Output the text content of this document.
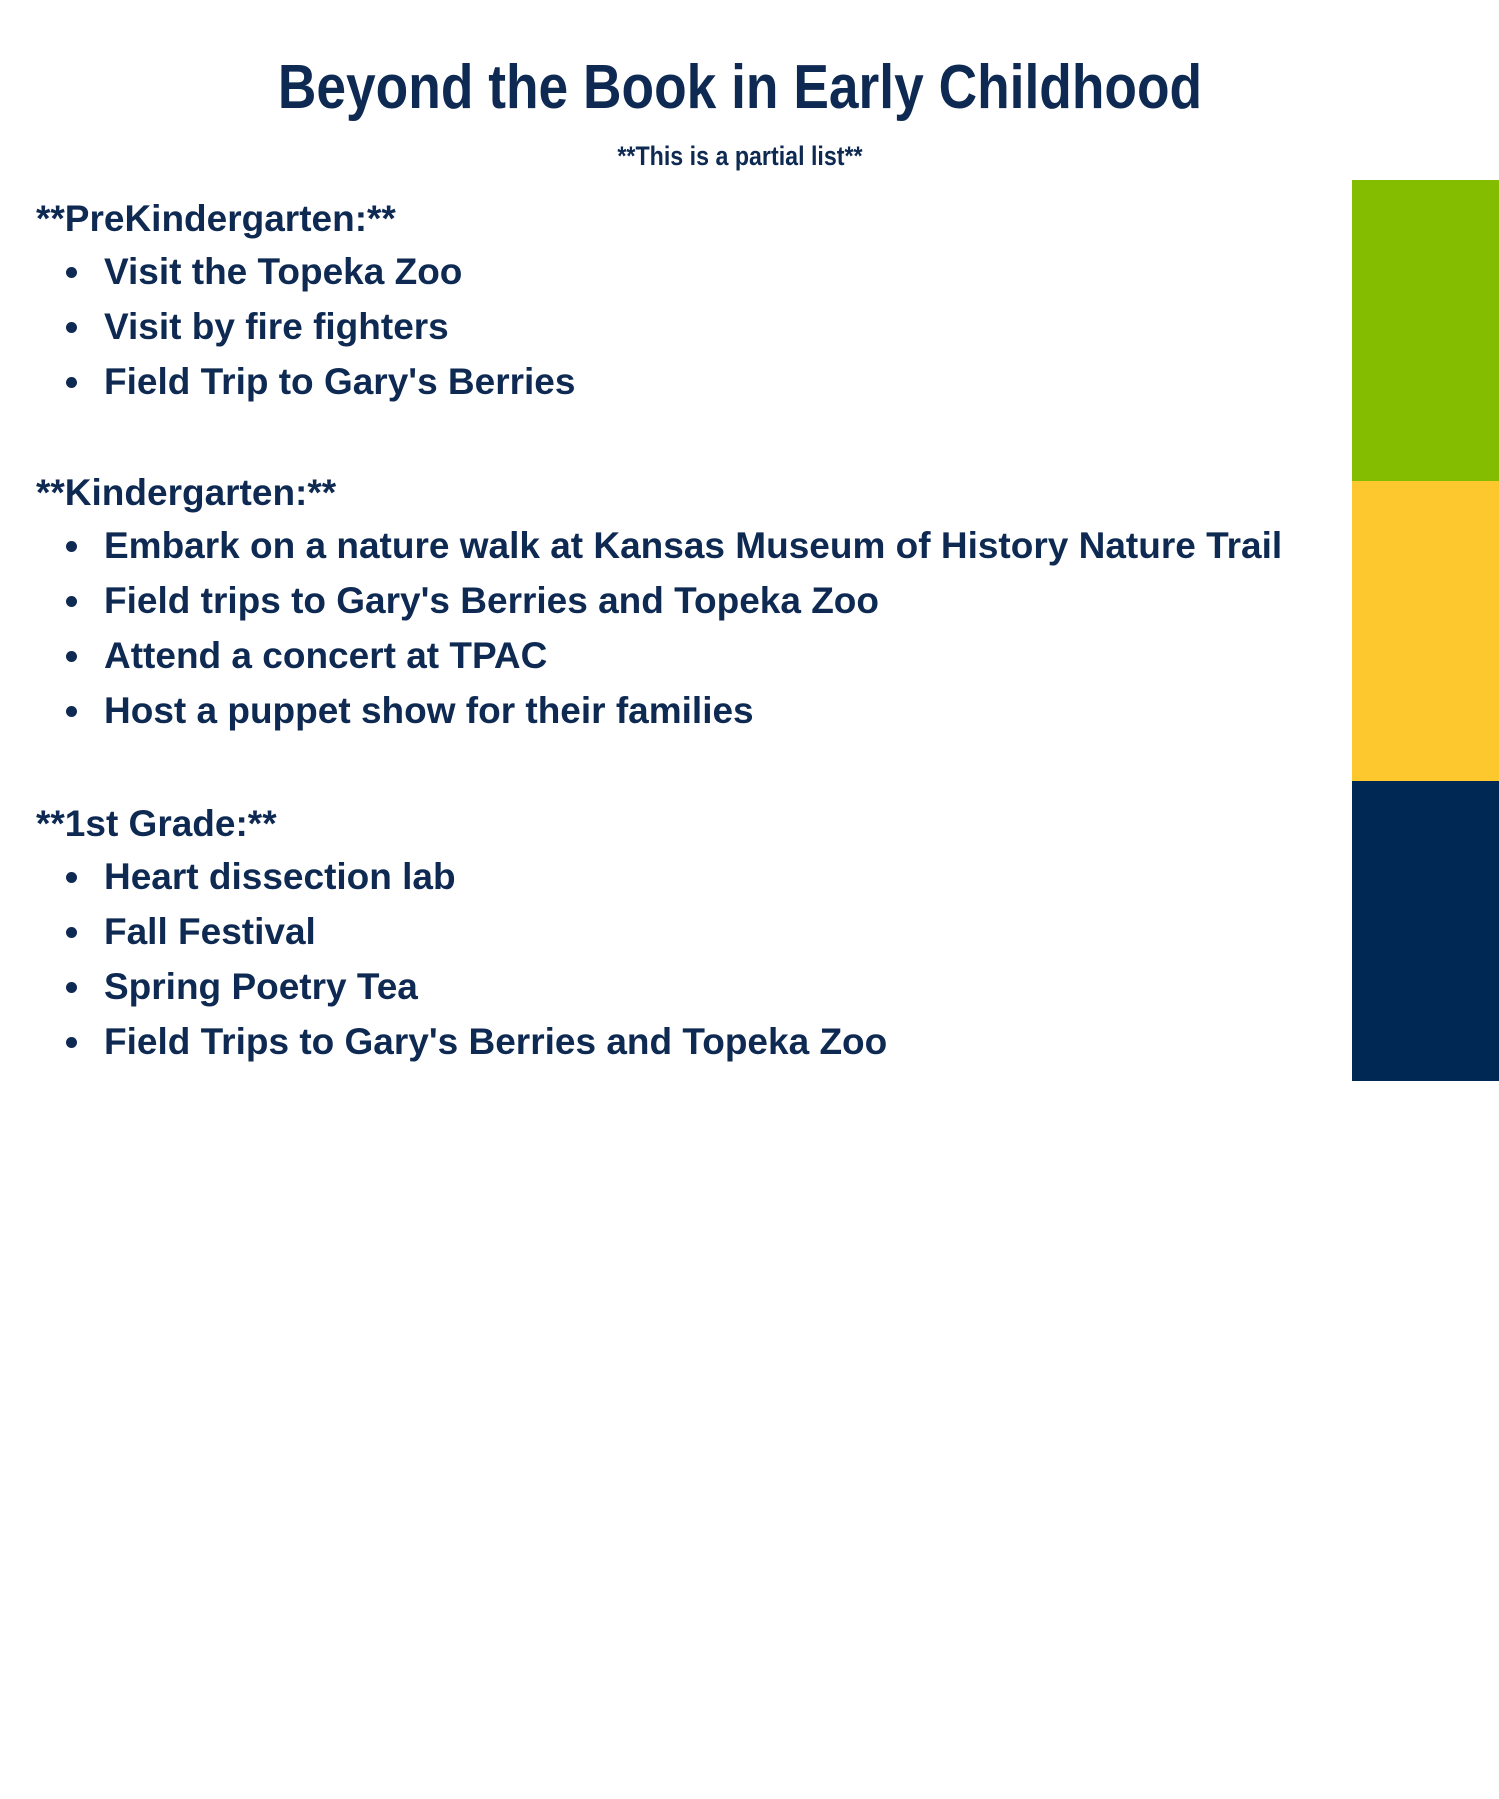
Beyond the Book in Early Childhood
**This is a partial list**
**PreKindergarten:**
Visit the Topeka Zoo
Visit by fire fighters
Field Trip to Gary's Berries
**Kindergarten:**
Embark on a nature walk at Kansas Museum of History Nature Trail
Field trips to Gary's Berries and Topeka Zoo
Attend a concert at TPAC
Host a puppet show for their families
**1st Grade:**
Heart dissection lab
Fall Festival
Spring Poetry Tea
Field Trips to Gary's Berries and Topeka Zoo
